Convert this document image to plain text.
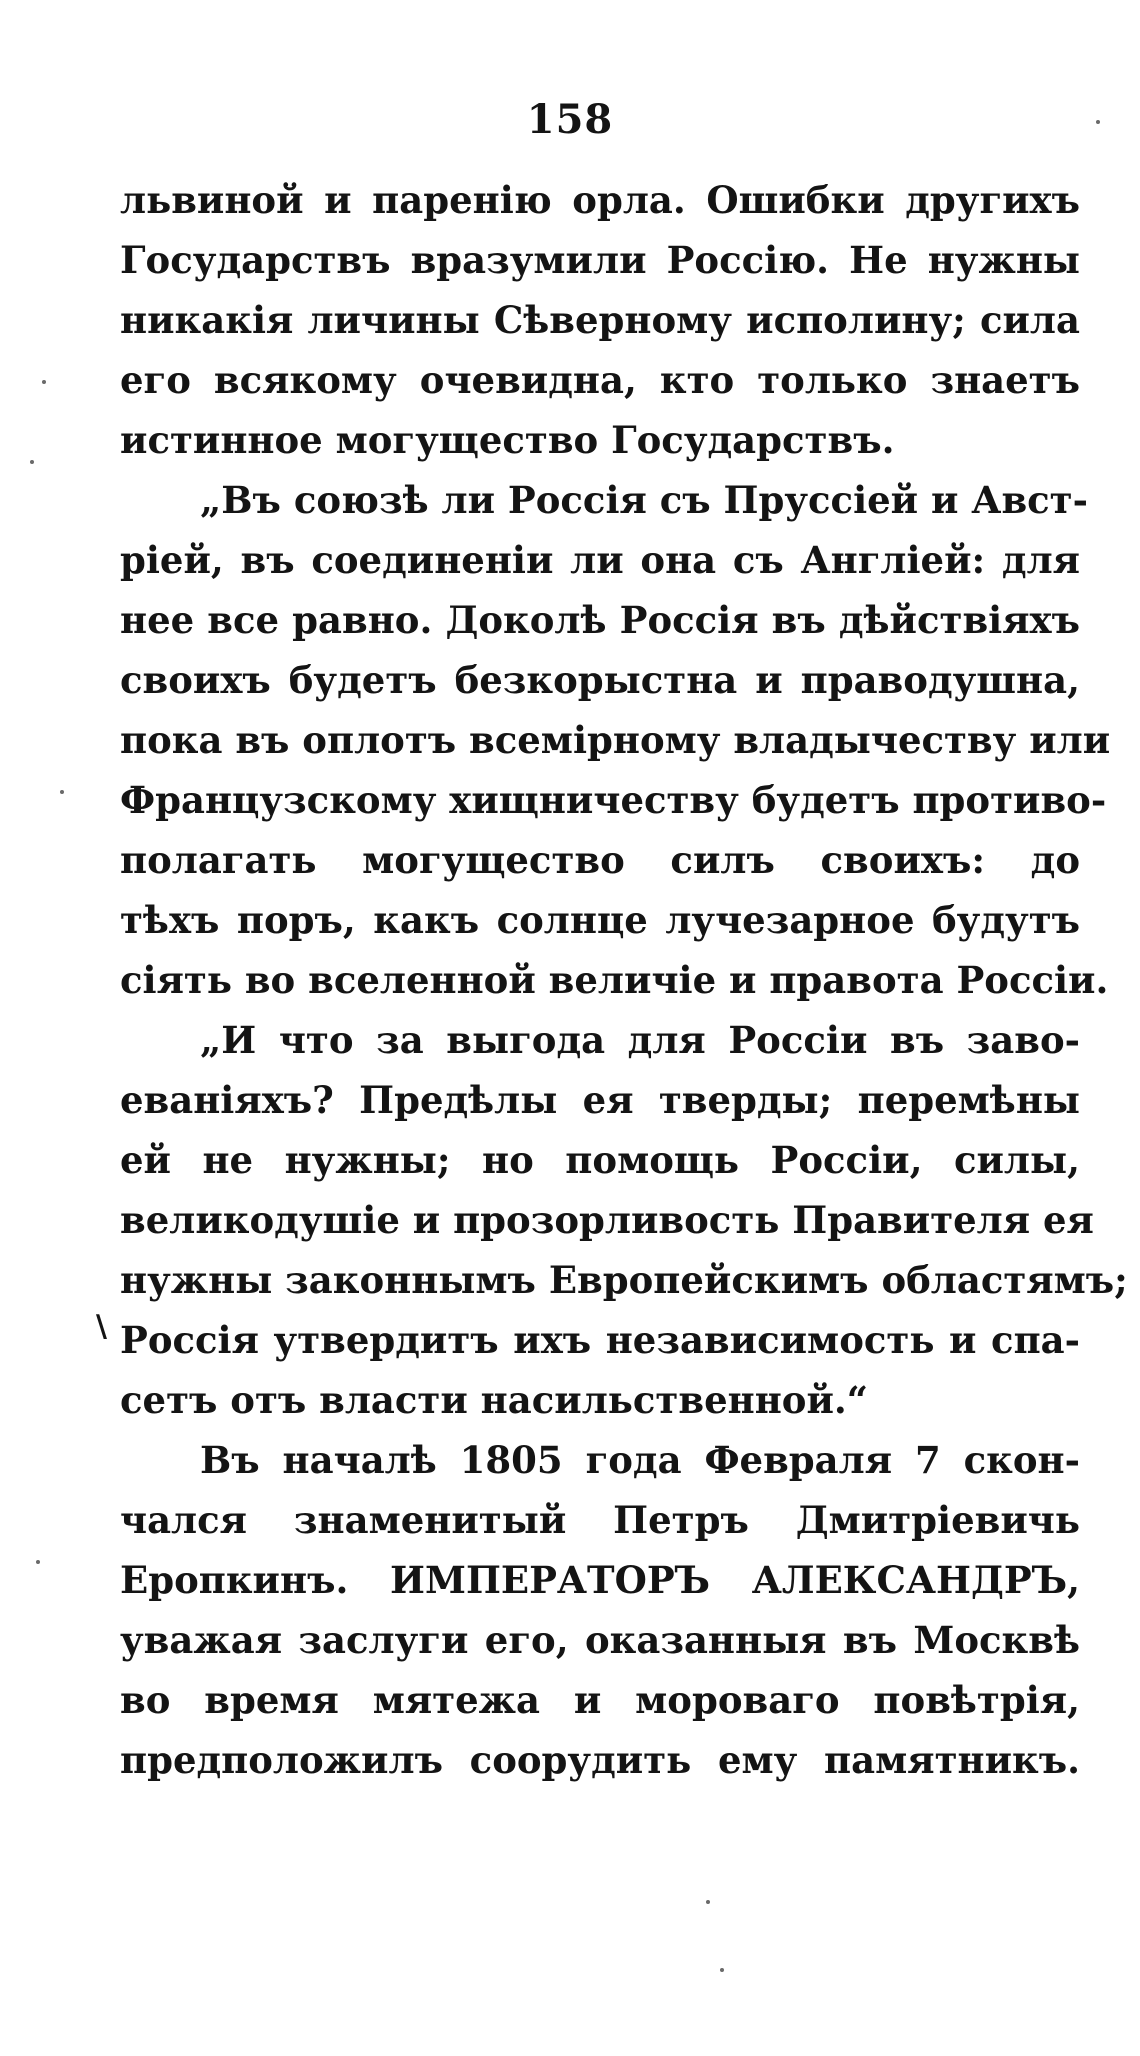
158
львиной и паренію орла. Ошибки другихъ
Государствъ вразумили Россію. Не нужны
никакія личины Сѣверному исполину; сила
его всякому очевидна, кто только знаетъ
истинное могущество Государствъ.
„Въ союзѣ ли Россія съ Пруссіей и Авст-
ріей, въ соединеніи ли она съ Англіей: для
нее все равно. Доколѣ Россія въ дѣйствіяхъ
своихъ будетъ безкорыстна и праводушна,
пока въ оплотъ всемірному владычеству или
Французскому хищничеству будетъ противо-
полагать могущество силъ своихъ: до
тѣхъ поръ, какъ солнце лучезарное будутъ
сіять во вселенной величіе и правота Россіи.
„И что за выгода для Россіи въ заво-
еваніяхъ? Предѣлы ея тверды; перемѣны
ей не нужны; но помощь Россіи, силы,
великодушіе и прозорливость Правителя ея
нужны законнымъ Европейскимъ областямъ;
Россія утвердитъ ихъ независимость и спа-
сетъ отъ власти насильственной.“
Въ началѣ 1805 года Февраля 7 скон-
чался знаменитый Петръ Дмитріевичь
Еропкинъ. ИМПЕРАТОРЪ АЛЕКСАНДРЪ,
уважая заслуги его, оказанныя въ Москвѣ
во время мятежа и мороваго повѣтрія,
предположилъ соорудить ему памятникъ.
\
